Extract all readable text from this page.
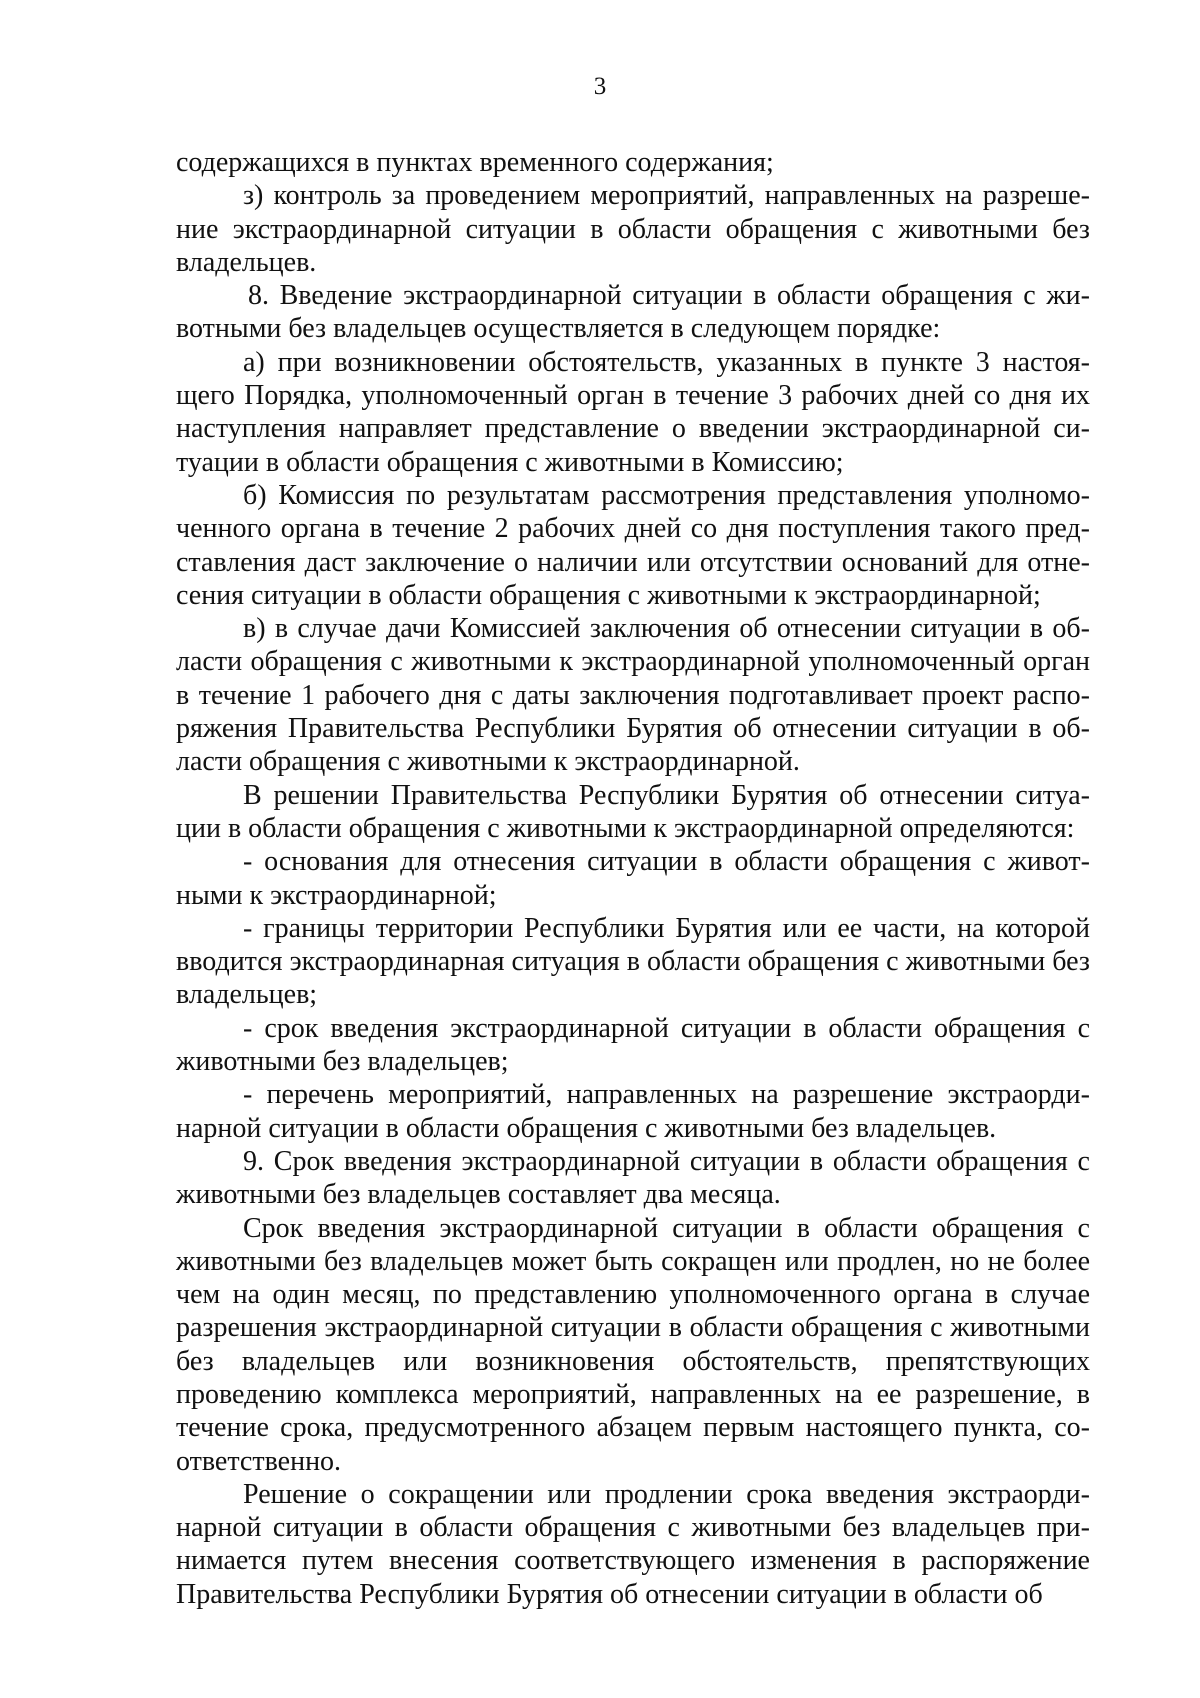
3

содержащихся в пунктах временного содержания;

з) контроль за проведением мероприятий, направленных на разрешение экстраординарной ситуации в области обращения с животными без владельцев.

8. Введение экстраординарной ситуации в области обращения с животными без владельцев осуществляется в следующем порядке:

а) при возникновении обстоятельств, указанных в пункте 3 настоящего Порядка, уполномоченный орган в течение 3 рабочих дней со дня их наступления направляет представление о введении экстраординарной ситуации в области обращения с животными в Комиссию;

б) Комиссия по результатам рассмотрения представления уполномоченного органа в течение 2 рабочих дней со дня поступления такого представления даст заключение о наличии или отсутствии оснований для отнесения ситуации в области обращения с животными к экстраординарной;

в) в случае дачи Комиссией заключения об отнесении ситуации в области обращения с животными к экстраординарной уполномоченный орган в течение 1 рабочего дня с даты заключения подготавливает проект распоряжения Правительства Республики Бурятия об отнесении ситуации в области обращения с животными к экстраординарной.

В решении Правительства Республики Бурятия об отнесении ситуации в области обращения с животными к экстраординарной определяются:

- основания для отнесения ситуации в области обращения с животными к экстраординарной;

- границы территории Республики Бурятия или ее части, на которой вводится экстраординарная ситуация в области обращения с животными без владельцев;

- срок введения экстраординарной ситуации в области обращения с животными без владельцев;

- перечень мероприятий, направленных на разрешение экстраординарной ситуации в области обращения с животными без владельцев.

9. Срок введения экстраординарной ситуации в области обращения с животными без владельцев составляет два месяца.

Срок введения экстраординарной ситуации в области обращения с животными без владельцев может быть сокращен или продлен, но не более чем на один месяц, по представлению уполномоченного органа в случае разрешения экстраординарной ситуации в области обращения с животными без владельцев или возникновения обстоятельств, препятствующих проведению комплекса мероприятий, направленных на ее разрешение, в течение срока, предусмотренного абзацем первым настоящего пункта, соответственно.

Решение о сокращении или продлении срока введения экстраординарной ситуации в области обращения с животными без владельцев принимается путем внесения соответствующего изменения в распоряжение Правительства Республики Бурятия об отнесении ситуации в области об
